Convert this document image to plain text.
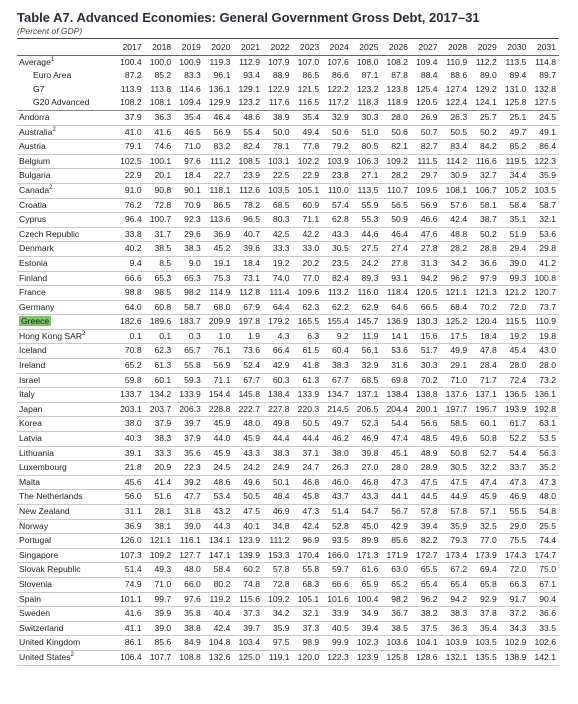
Table A7. Advanced Economies: General Government Gross Debt, 2017–31
(Percent of GDP)
	2017	2018	2019	2020	2021	2022	2023	2024	2025	2026	2027	2028	2029	2030	2031
Average$^1$	100.4	100.0	100.9	119.3	112.9	107.9	107.0	107.6	108.0	108.2	109.4	110.9	112.2	113.5	114.8
Euro Area	87.2	85.2	83.3	96.1	93.4	88.9	86.5	86.6	87.1	87.8	88.4	88.6	89.0	89.4	89.7
G7	113.9	113.8	114.6	136.1	129.1	122.9	121.5	122.2	123.2	123.8	125.4	127.4	129.2	131.0	132.8
G20 Advanced	108.2	108.1	109.4	129.9	123.2	117.6	116.5	117.2	118.3	118.9	120.5	122.4	124.1	125.8	127.5
Andorra	37.9	36.3	35.4	46.4	48.6	38.9	35.4	32.9	30.3	28.0	26.9	26.3	25.7	25.1	24.5
Australia$^2$	41.0	41.6	46.5	56.9	55.4	50.0	49.4	50.6	51.0	50.6	50.7	50.5	50.2	49.7	49.1
Austria	79.1	74.6	71.0	83.2	82.4	78.1	77.8	79.2	80.5	82.1	82.7	83.4	84.2	85.2	86.4
Belgium	102.5	100.1	97.6	111.2	108.5	103.1	102.2	103.9	106.3	109.2	111.5	114.2	116.6	119.5	122.3
Bulgaria	22.9	20.1	18.4	22.7	23.9	22.5	22.9	23.8	27.1	28.2	29.7	30.9	32.7	34.4	35.9
Canada$^2$	91.0	90.8	90.1	118.1	112.6	103.5	105.1	110.0	113.5	110.7	109.5	108.1	106.7	105.2	103.5
Croatia	76.2	72.8	70.9	86.5	78.2	68.5	60.9	57.4	55.9	56.5	56.9	57.6	58.1	58.4	58.7
Cyprus	96.4	100.7	92.3	113.6	96.5	80.3	71.1	62.8	55.3	50.9	46.6	42.4	38.7	35.1	32.1
Czech Republic	33.8	31.7	29.6	36.9	40.7	42.5	42.2	43.3	44.6	46.4	47.6	48.8	50.2	51.9	53.6
Denmark	40.2	38.5	38.3	45.2	39.6	33.3	33.0	30.5	27.5	27.4	27.8	28.2	28.8	29.4	29.8
Estonia	9.4	8.5	9.0	19.1	18.4	19.2	20.2	23.5	24.2	27.8	31.3	34.2	36.6	39.0	41.2
Finland	66.6	65.3	65.3	75.3	73.1	74.0	77.0	82.4	89.3	93.1	94.2	96.2	97.9	99.3	100.8
France	98.8	98.5	98.2	114.9	112.8	111.4	109.6	113.2	116.0	118.4	120.5	121.1	121.3	121.2	120.7
Germany	64.0	60.8	58.7	68.0	67.9	64.4	62.3	62.2	62.9	64.6	66.5	68.4	70.2	72.0	73.7
Greece	182.6	189.6	183.7	209.9	197.8	179.2	165.5	155.4	145.7	136.9	130.3	125.2	120.4	115.5	110.9
Hong Kong SAR$^2$	0.1	0.1	0.3	1.0	1.9	4.3	6.3	9.2	11.9	14.1	15.6	17.5	18.4	19.2	19.8
Iceland	70.8	62.3	65.7	76.1	73.6	66.4	61.5	60.4	56.1	53.6	51.7	49.9	47.8	45.4	43.0
Ireland	65.2	61.3	55.8	56.9	52.4	42.9	41.8	38.3	32.9	31.6	30.3	29.1	28.4	28.0	28.0
Israel	59.8	60.1	59.3	71.1	67.7	60.3	61.3	67.7	68.5	69.8	70.2	71.0	71.7	72.4	73.2
Italy	133.7	134.2	133.9	154.4	145.8	138.4	133.9	134.7	137.1	138.4	138.8	137.6	137.1	136.5	136.1
Japan	203.1	203.7	206.3	228.8	222.7	227.8	220.3	214.5	206.5	204.4	200.1	197.7	195.7	193.9	192.8
Korea	38.0	37.9	39.7	45.9	48.0	49.8	50.5	49.7	52.3	54.4	56.6	58.5	60.1	61.7	63.1
Latvia	40.3	38.3	37.9	44.0	45.9	44.4	44.4	46.2	46.9	47.4	48.5	49.6	50.8	52.2	53.5
Lithuania	39.1	33.3	35.6	45.9	43.3	38.3	37.1	38.0	39.8	45.1	48.9	50.8	52.7	54.4	56.3
Luxembourg	21.8	20.9	22.3	24.5	24.2	24.9	24.7	26.3	27.0	28.0	28.9	30.5	32.2	33.7	35.2
Malta	45.6	41.4	39.2	48.6	49.6	50.1	46.8	46.0	46.8	47.3	47.5	47.5	47.4	47.3	47.3
The Netherlands	56.0	51.6	47.7	53.4	50.5	48.4	45.8	43.7	43.3	44.1	44.5	44.9	45.9	46.9	48.0
New Zealand	31.1	28.1	31.8	43.2	47.5	46.9	47.3	51.4	54.7	56.7	57.8	57.8	57.1	55.5	54.8
Norway	36.9	38.1	39.0	44.3	40.1	34.8	42.4	52.8	45.0	42.9	39.4	35.9	32.5	29.0	25.5
Portugal	126.0	121.1	116.1	134.1	123.9	111.2	96.9	93.5	89.9	85.6	82.2	79.3	77.0	75.5	74.4
Singapore	107.3	109.2	127.7	147.1	139.9	153.3	170.4	166.0	171.3	171.9	172.7	173.4	173.9	174.3	174.7
Slovak Republic	51.4	49.3	48.0	58.4	60.2	57.8	55.8	59.7	61.6	63.0	65.5	67.2	69.4	72.0	75.0
Slovenia	74.9	71.0	66.0	80.2	74.8	72.8	68.3	66.6	65.9	65.2	65.4	65.4	65.8	66.3	67.1
Spain	101.1	99.7	97.6	119.2	115.6	109.2	105.1	101.6	100.4	98.2	96.2	94.2	92.9	91.7	90.4
Sweden	41.6	39.9	35.8	40.4	37.3	34.2	32.1	33.9	34.9	36.7	38.2	38.3	37.8	37.2	36.6
Switzerland	41.1	39.0	38.8	42.4	39.7	35.9	37.3	40.5	39.4	38.5	37.5	36.3	35.4	34.3	33.5
United Kingdom	86.1	85.6	84.9	104.8	103.4	97.5	98.9	99.9	102.3	103.6	104.1	103.9	103.5	102.9	102.6
United States$^2$	106.4	107.7	108.8	132.6	125.0	119.1	120.0	122.3	123.9	125.8	128.6	132.1	135.5	138.9	142.1
